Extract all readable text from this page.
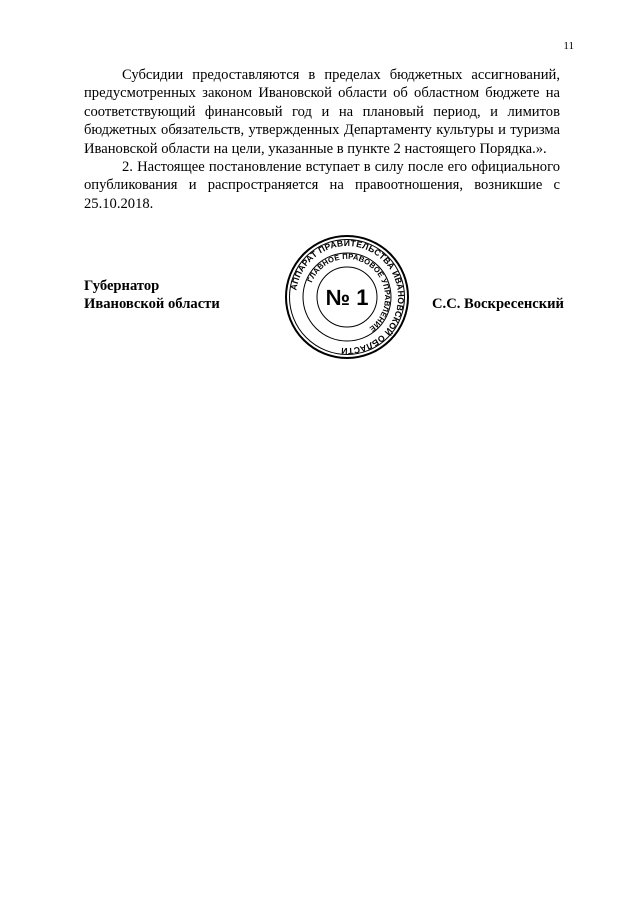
11

Субсидии предоставляются в пределах бюджетных ассигнований, предусмотренных законом Ивановской области об областном бюджете на соответствующий финансовый год и на плановый период, и лимитов бюджетных обязательств, утвержденных Департаменту культуры и туризма Ивановской области на цели, указанные в пункте 2 настоящего Порядка.».

2. Настоящее постановление вступает в силу после его официального опубликования и распространяется на правоотношения, возникшие с 25.10.2018.

Губернатор
Ивановской области	С.С. Воскресенский
АППАРАТ ПРАВИТЕЛЬСТВА ИВАНОВСКОЙ ОБЛАСТИ
ГЛАВНОЕ ПРАВОВОЕ УПРАВЛЕНИЕ
№ 1
